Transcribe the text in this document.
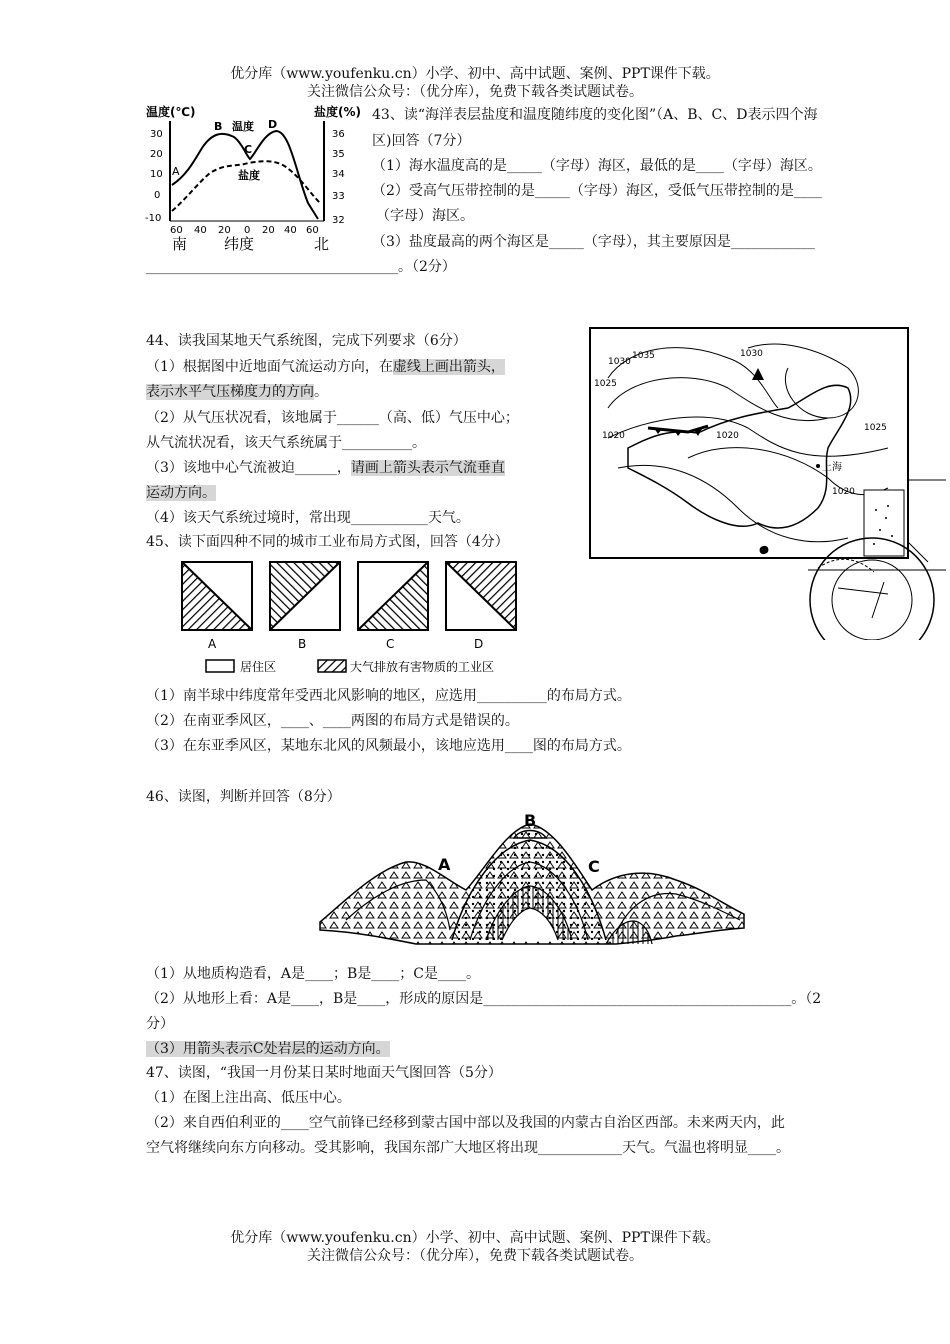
优分库（www.youfenku.cn）小学、初中、高中试题、案例、PPT课件下载。
关注微信公众号：（优分库），免费下载各类试题试卷。
温度(℃)	盐度(%)
30
20
10
0
-10
36
35
34
33
32
A
B 温度 D
C
盐度
60 40 20 0 20 40 60
南 纬度	北
43、读“海洋表层盐度和温度随纬度的变化图”（A、B、C、D表示四个海
区)回答（7分）
（1）海水温度高的是_____（字母）海区，最低的是____（字母）海区。
（2）受高气压带控制的是_____（字母）海区，受低气压带控制的是____
（字母）海区。
（3）盐度最高的两个海区是_____（字母），其主要原因是____________
____________________________________。（2分）
44、读我国某地天气系统图，完成下列要求（6分）
（1）根据图中近地面气流运动方向，在虚线上画出箭头，
表示水平气压梯度力的方向。
（2）从气压状况看，该地属于______（高、低）气压中心；
从气流状况看，该天气系统属于__________。
（3）该地中心气流被迫______，请画上箭头表示气流垂直
运动方向。
（4）该天气系统过境时，常出现___________天气。
1035
1030
1030
1025
1025
1020	1020
1020
上海
45、读下面四种不同的城市工业布局方式图，回答（4分）
A	B	C	D
居住区	大气排放有害物质的工业区
（1）南半球中纬度常年受西北风影响的地区，应选用__________的布局方式。
（2）在南亚季风区，____、____两图的布局方式是错误的。
（3）在东亚季风区，某地东北风的风频最小，该地应选用____图的布局方式。
46、读图，判断并回答（8分）
A
B
C
（1）从地质构造看，A是____；B是____；C是____。
（2）从地形上看：A是____，B是____，形成的原因是____________________________________________。（2
分）
（3）用箭头表示C处岩层的运动方向。
47、读图，“我国一月份某日某时地面天气图回答（5分）
（1）在图上注出高、低压中心。
（2）来自西伯利亚的____空气前锋已经移到蒙古国中部以及我国的内蒙古自治区西部。未来两天内，此
空气将继续向东方向移动。受其影响，我国东部广大地区将出现____________天气。气温也将明显____。
优分库（www.youfenku.cn）小学、初中、高中试题、案例、PPT课件下载。
关注微信公众号：（优分库），免费下载各类试题试卷。
